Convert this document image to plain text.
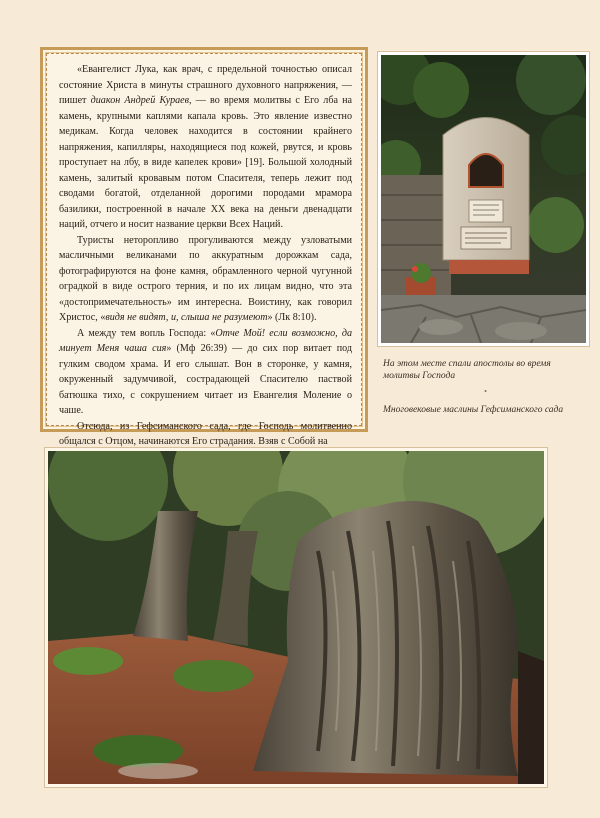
«Евангелист Лука, как врач, с предельной точностью описал состояние Христа в минуты страшного духовного напряжения, — пишет диакон Андрей Кураев, — во время молитвы с Его лба на камень, крупными каплями капала кровь. Это явление известно медикам. Когда человек находится в состоянии крайнего напряжения, капилляры, находящиеся под кожей, рвутся, и кровь проступает на лбу, в виде капелек крови» [19]. Большой холодный камень, залитый кровавым потом Спасителя, теперь лежит под сводами богатой, отделанной дорогими породами мрамора базилики, построенной в начале XX века на деньги двенадцати наций, отчего и носит название церкви Всех Наций.

Туристы неторопливо прогуливаются между узловатыми масличными великанами по аккуратным дорожкам сада, фотографируются на фоне камня, обрамленного черной чугунной оградкой в виде острого терния, и по их лицам видно, что эта «достопримечательность» им интересна. Воистину, как говорил Христос, «видя не видят, и, слыша не разумеют» (Лк 8:10).

А между тем вопль Господа: «Отче Мой! если возможно, да минует Меня чаша сия» (Мф 26:39) — до сих пор витает под гулким сводом храма. И его слышат. Вон в сторонке, у камня, окруженный задумчивой, сострадающей Спасителю паствой батюшка тихо, с сокрушением читает из Евангелия Моление о чаше.

Отсюда, из Гефсиманского сада, где Господь молитвенно общался с Отцом, начинаются Его страдания. Взяв с Собой на

На этом месте спали апостолы во время молитвы Господа

•

Многовековые маслины Гефсиманского сада
